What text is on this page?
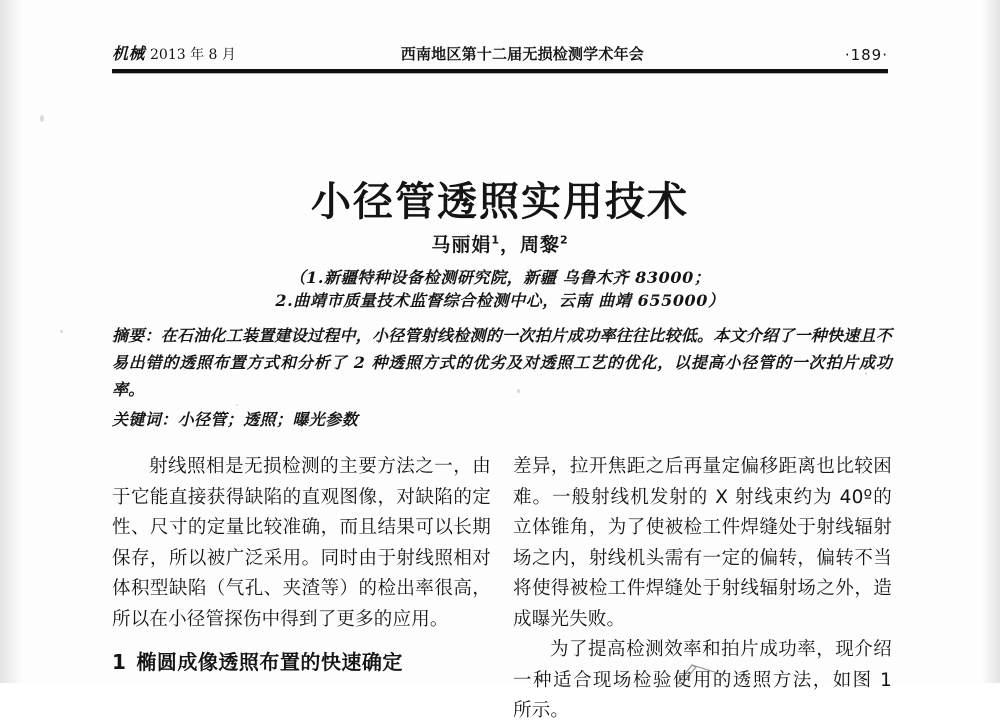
机械 2013 年 8 月	西南地区第十二届无损检测学术年会	·189·
小径管透照实用技术
马丽娟$^1$，周黎$^2$
（1.新疆特种设备检测研究院，新疆 乌鲁木齐 83000；
2.曲靖市质量技术监督综合检测中心，云南 曲靖 655000）
摘要：在石油化工装置建设过程中，小径管射线检测的一次拍片成功率往往比较低。本文介绍了一种快速且不易出错的透照布置方式和分析了 2 种透照方式的优劣及对透照工艺的优化，以提高小径管的一次拍片成功率。
关键词：小径管；透照；曝光参数

射线照相是无损检测的主要方法之一，由于它能直接获得缺陷的直观图像，对缺陷的定性、尺寸的定量比较准确，而且结果可以长期保存，所以被广泛采用。同时由于射线照相对体积型缺陷（气孔、夹渣等）的检出率很高，所以在小径管探伤中得到了更多的应用。

1 椭圆成像透照布置的快速确定

差异，拉开焦距之后再量定偏移距离也比较困难。一般射线机发射的 X 射线束约为 40º的立体锥角，为了使被检工件焊缝处于射线辐射场之内，射线机头需有一定的偏转，偏转不当将使得被检工件焊缝处于射线辐射场之外，造成曝光失败。

为了提高检测效率和拍片成功率，现介绍一种适合现场检验使用的透照方法，如图 1 所示。
